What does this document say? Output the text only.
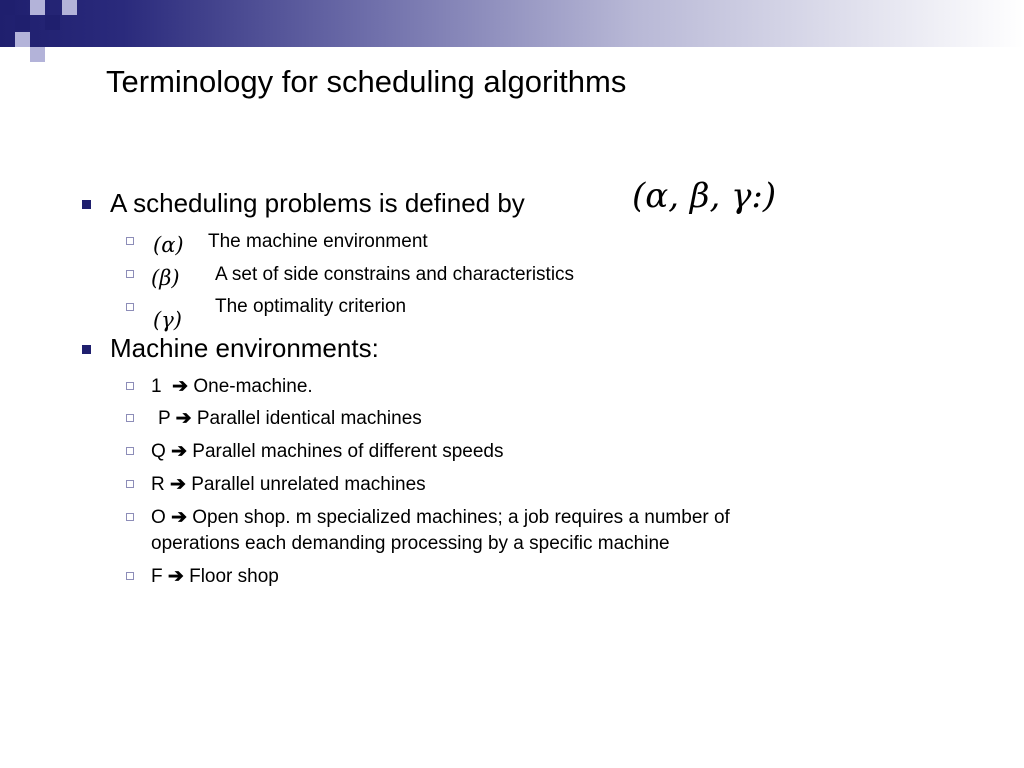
Terminology for scheduling algorithms
A scheduling problems is defined by	(α, β, γ:)
(α) The machine environment
(β) A set of side constrains and characteristics
(γ)
The optimality criterion
Machine environments:
1 ➔ One-machine.
P ➔ Parallel identical machines
Q ➔ Parallel machines of different speeds
R ➔ Parallel unrelated machines
O ➔ Open shop. m specialized machines; a job requires a number of
operations each demanding processing by a specific machine
F ➔ Floor shop
